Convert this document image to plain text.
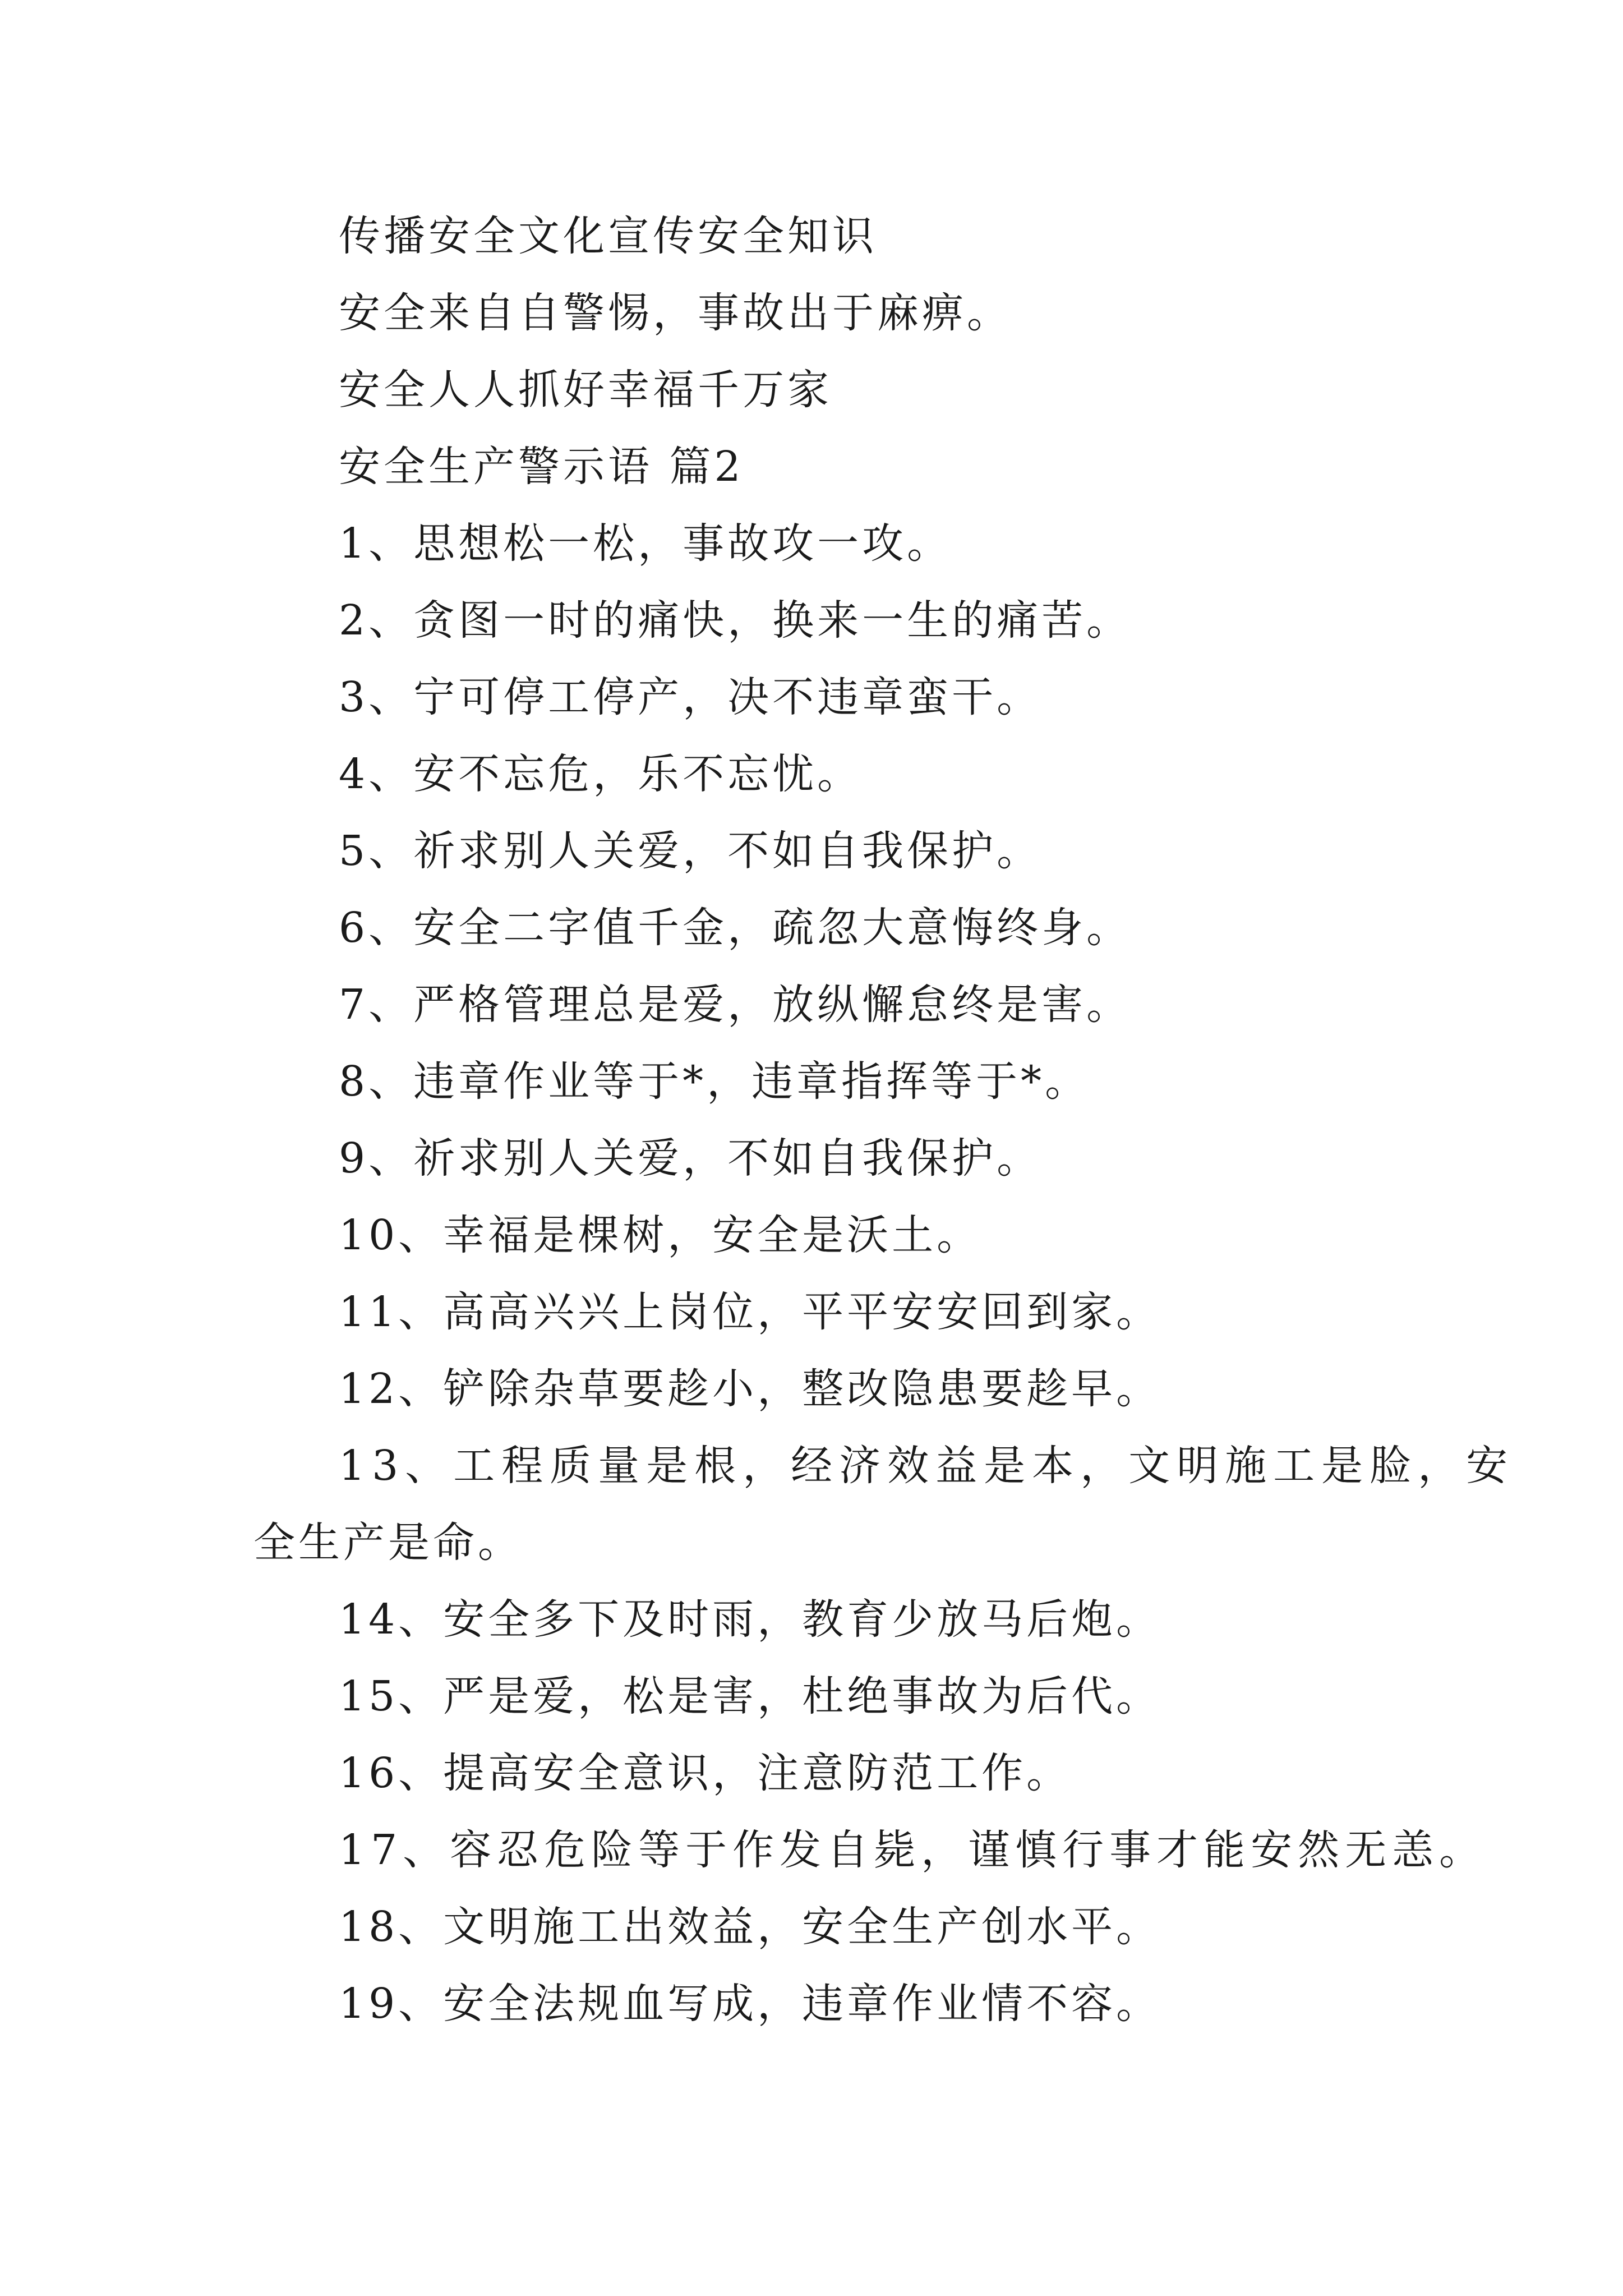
传播安全文化宣传安全知识
安全来自自警惕，事故出于麻痹。
安全人人抓好幸福千万家
安全生产警示语 篇2
1、思想松一松，事故攻一攻。
2、贪图一时的痛快，换来一生的痛苦。
3、宁可停工停产，决不违章蛮干。
4、安不忘危，乐不忘忧。
5、祈求别人关爱，不如自我保护。
6、安全二字值千金，疏忽大意悔终身。
7、严格管理总是爱，放纵懈怠终是害。
8、违章作业等于*，违章指挥等于*。
9、祈求别人关爱，不如自我保护。
10、幸福是棵树，安全是沃土。
11、高高兴兴上岗位，平平安安回到家。
12、铲除杂草要趁小，整改隐患要趁早。
13、工程质量是根，经济效益是本，文明施工是脸，安
全生产是命。
14、安全多下及时雨，教育少放马后炮。
15、严是爱，松是害，杜绝事故为后代。
16、提高安全意识，注意防范工作。
17、容忍危险等于作发自毙，谨慎行事才能安然无恙。
18、文明施工出效益，安全生产创水平。
19、安全法规血写成，违章作业情不容。
